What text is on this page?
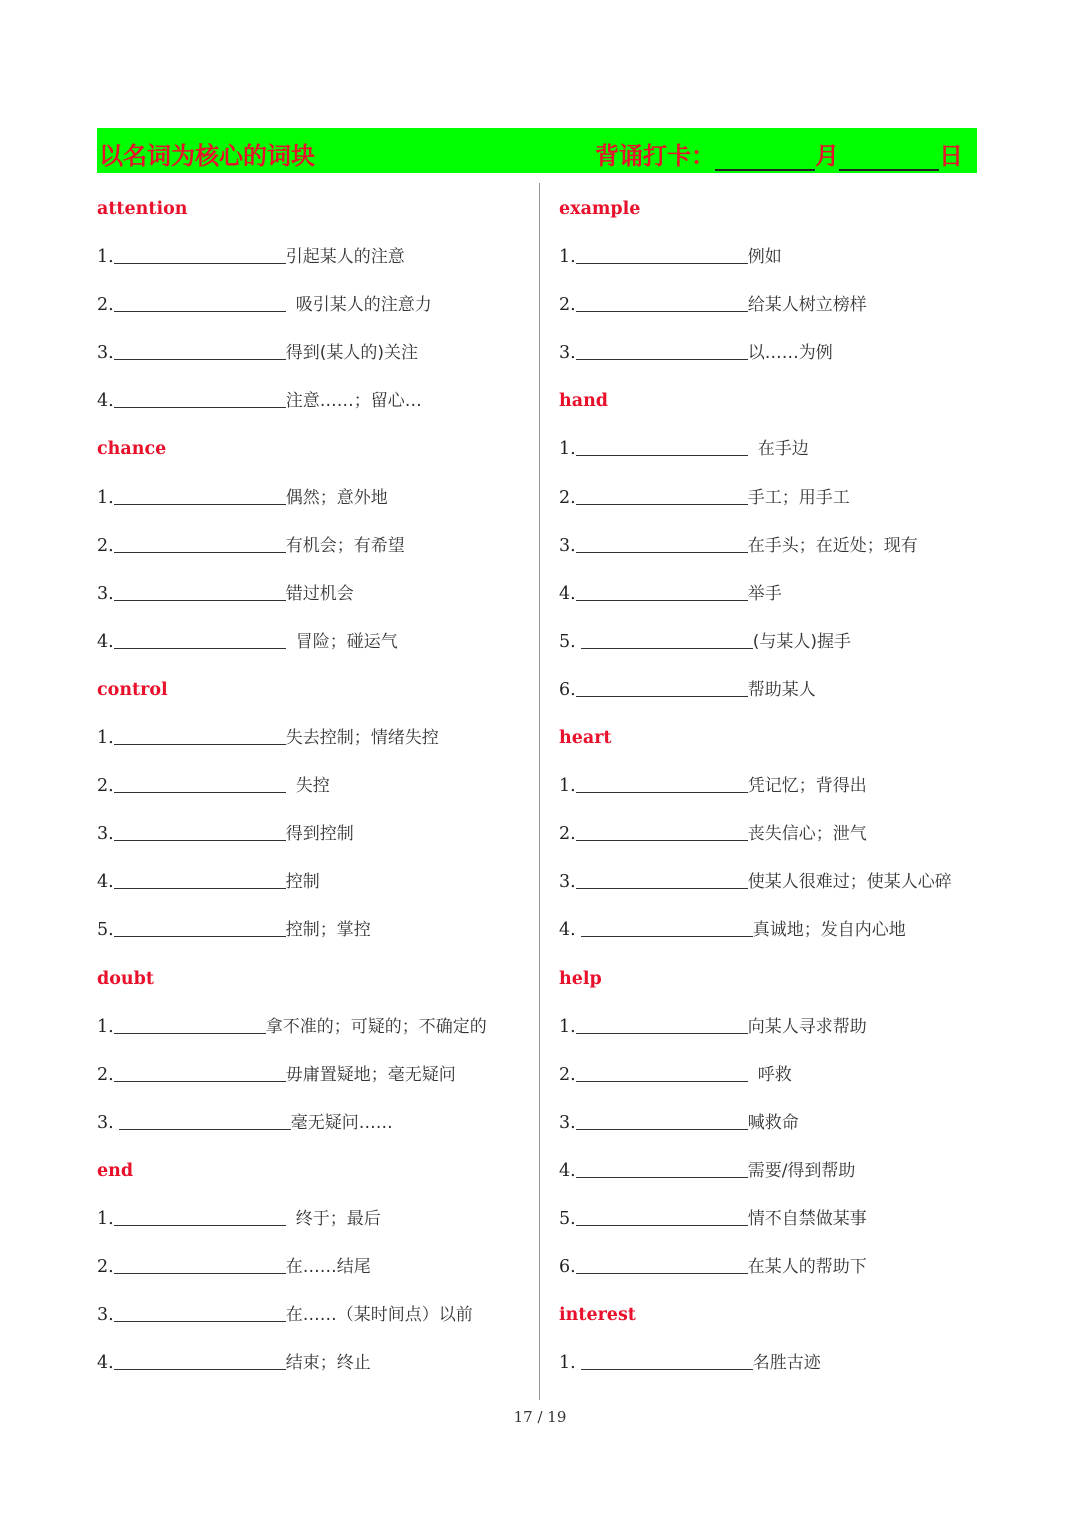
以名词为核心的词块	背诵打卡：	月	日
attention
1.	引起某人的注意
2.	吸引某人的注意力
3.	得到(某人的)关注
4.	注意……；留心…
chance
1.	偶然；意外地
2.	有机会；有希望
3.	错过机会
4.	冒险；碰运气
control
1.	失去控制；情绪失控
2.	失控
3.	得到控制
4.	控制
5.	控制；掌控
doubt
1.	拿不准的；可疑的；不确定的
2.	毋庸置疑地；毫无疑问
3.	毫无疑问……
end
1.	终于；最后
2.	在……结尾
3.	在……（某时间点）以前
4.	结束；终止
example
1.	例如
2.	给某人树立榜样
3.	以……为例
hand
1.	在手边
2.	手工；用手工
3.	在手头；在近处；现有
4.	举手
5.	(与某人)握手
6.	帮助某人
heart
1.	凭记忆；背得出
2.	丧失信心；泄气
3.	使某人很难过；使某人心碎
4.	真诚地；发自内心地
help
1.	向某人寻求帮助
2.	呼救
3.	喊救命
4.	需要/得到帮助
5.	情不自禁做某事
6.	在某人的帮助下
interest
1.	名胜古迹
17 / 19
